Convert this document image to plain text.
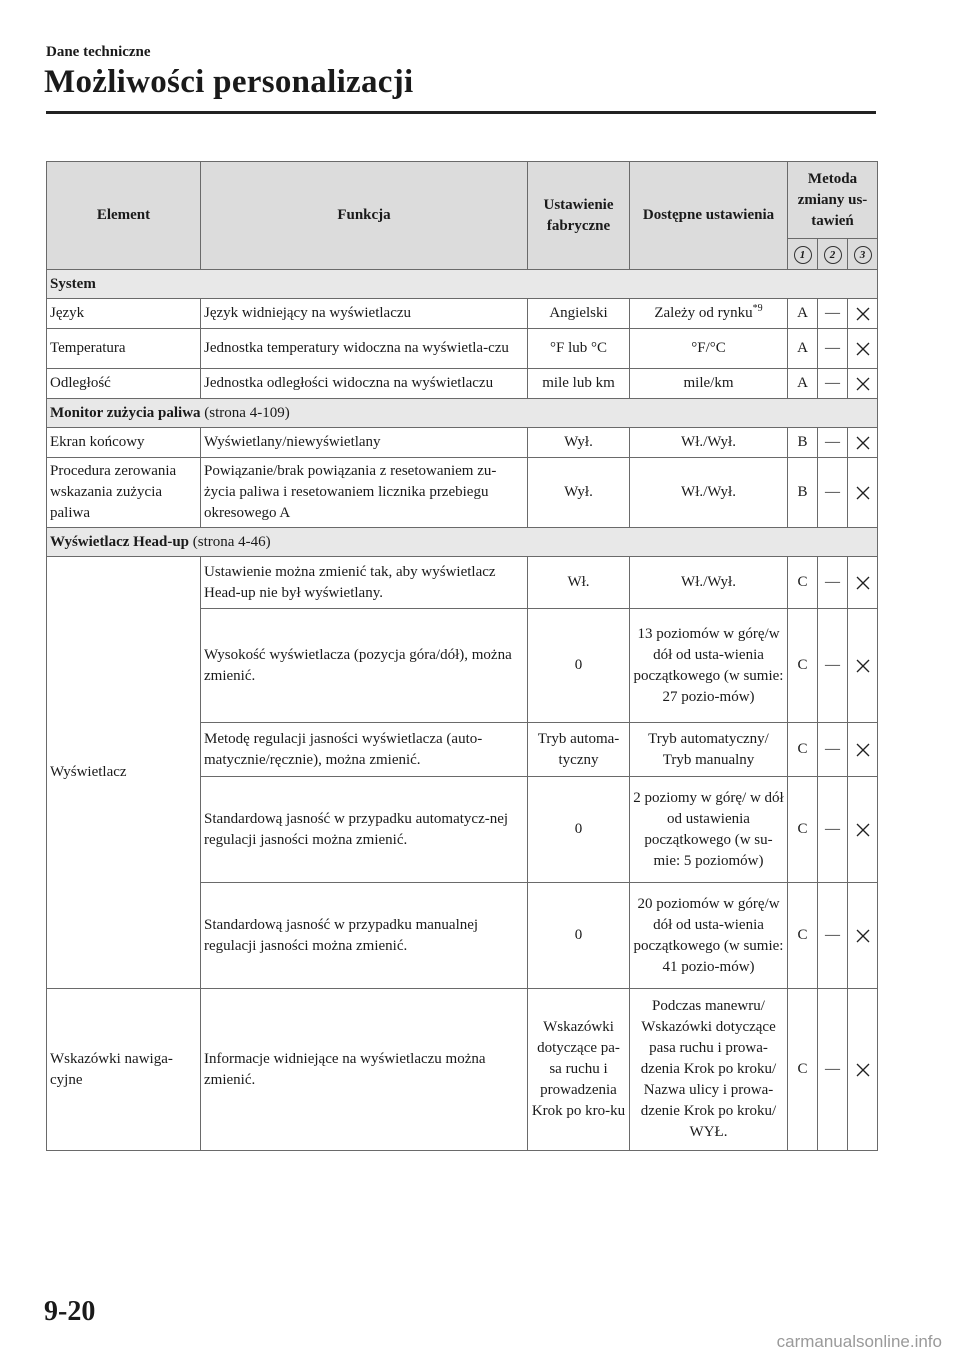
Dane techniczne
Możliwości personalizacji
Element	Funkcja	Ustawienie fabryczne	Dostępne ustawienia	Metoda zmiany us-tawień		
				1	2	3
System						
Język	Język widniejący na wyświetlaczu	Angielski	Zależy od rynku$^{*9}$	A	—	
Temperatura	Jednostka temperatury widoczna na wyświetla-czu	°F lub °C	°F/°C	A	—	
Odległość	Jednostka odległości widoczna na wyświetlaczu	mile lub km	mile/km	A	—	
Monitor zużycia paliwa (strona 4-109)						
Ekran końcowy	Wyświetlany/niewyświetlany	Wył.	Wł./Wył.	B	—	
Procedura zerowania wskazania zużycia paliwa	Powiązanie/brak powiązania z resetowaniem zu-życia paliwa i resetowaniem licznika przebiegu okresowego A	Wył.	Wł./Wył.	B	—	
Wyświetlacz Head-up (strona 4-46)						
Wyświetlacz	Ustawienie można zmienić tak, aby wyświetlacz Head-up nie był wyświetlany.	Wł.	Wł./Wył.	C	—	
	Wysokość wyświetlacza (pozycja góra/dół), można zmienić.	0	13 poziomów w górę/w dół od usta-wienia początkowego (w sumie: 27 pozio-mów)	C	—	
	Metodę regulacji jasności wyświetlacza (auto-matycznie/ręcznie), można zmienić.	Tryb automa-tyczny	Tryb automatyczny/ Tryb manualny	C	—	
	Standardową jasność w przypadku automatycz-nej regulacji jasności można zmienić.	0	2 poziomy w górę/ w dół od ustawienia początkowego (w su-mie: 5 poziomów)	C	—	
	Standardową jasność w przypadku manualnej regulacji jasności można zmienić.	0	20 poziomów w górę/w dół od usta-wienia początkowego (w sumie: 41 pozio-mów)	C	—	
Wskazówki nawiga-cyjne	Informacje widniejące na wyświetlaczu można zmienić.	Wskazówki dotyczące pa-sa ruchu i prowadzenia Krok po kro-ku	Podczas manewru/ Wskazówki dotyczące pasa ruchu i prowa-dzenia Krok po kroku/ Nazwa ulicy i prowa-dzenie Krok po kroku/ WYŁ.	C	—	
9-20
carmanualsonline.info
